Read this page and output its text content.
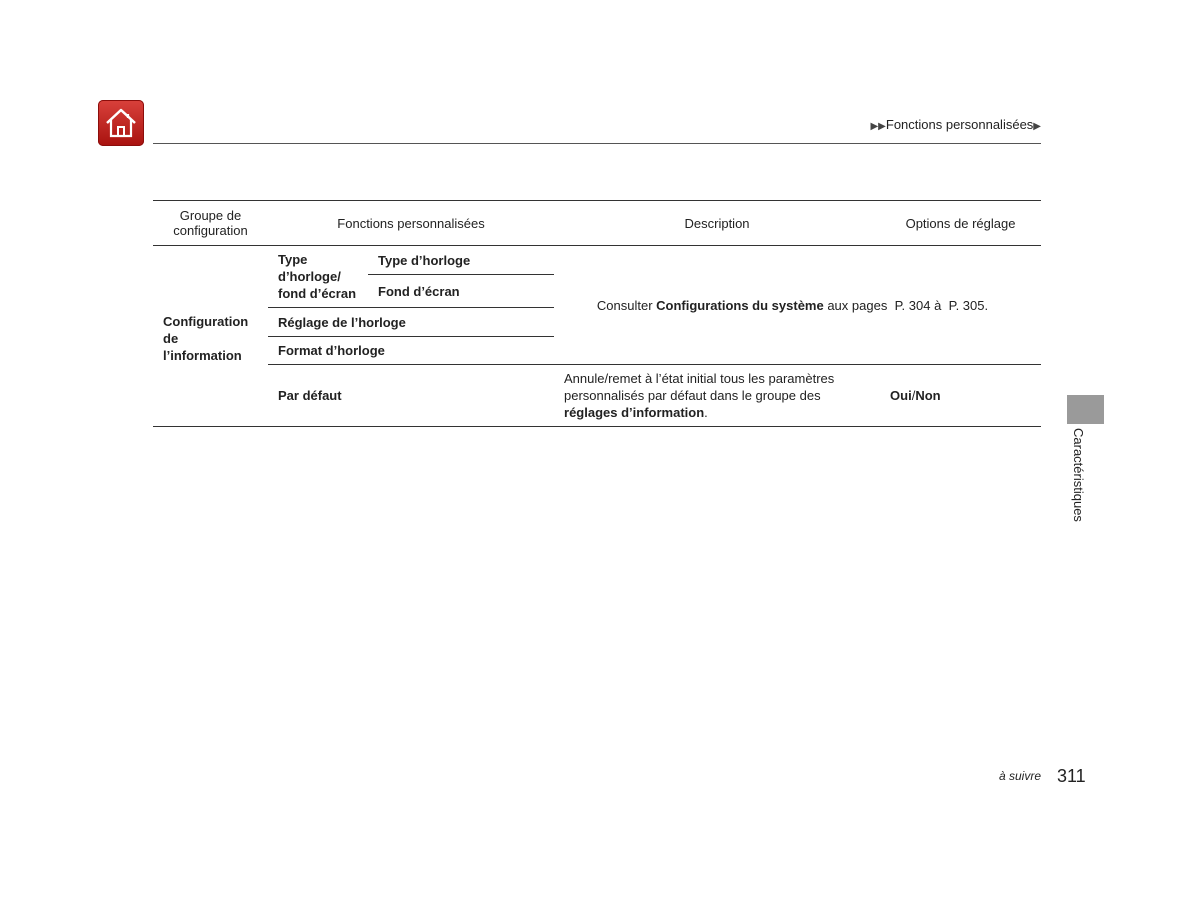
▶▶Fonctions personnalisées▶
Groupe de configuration	Fonctions personnalisées		Description	Options de réglage

Configuration de l’information	Type d’horloge/ fond d’écran	Type d’horloge	Consulter Configurations du système aux pages  P. 304 à  P. 305.	
		Fond d’écran		
	Réglage de l’horloge			
	Format d’horloge			
	Par défaut		Annule/remet à l’état initial tous les paramètres personnalisés par défaut dans le groupe des réglages d’information.	Oui/Non
Caractéristiques
à suivre 311
